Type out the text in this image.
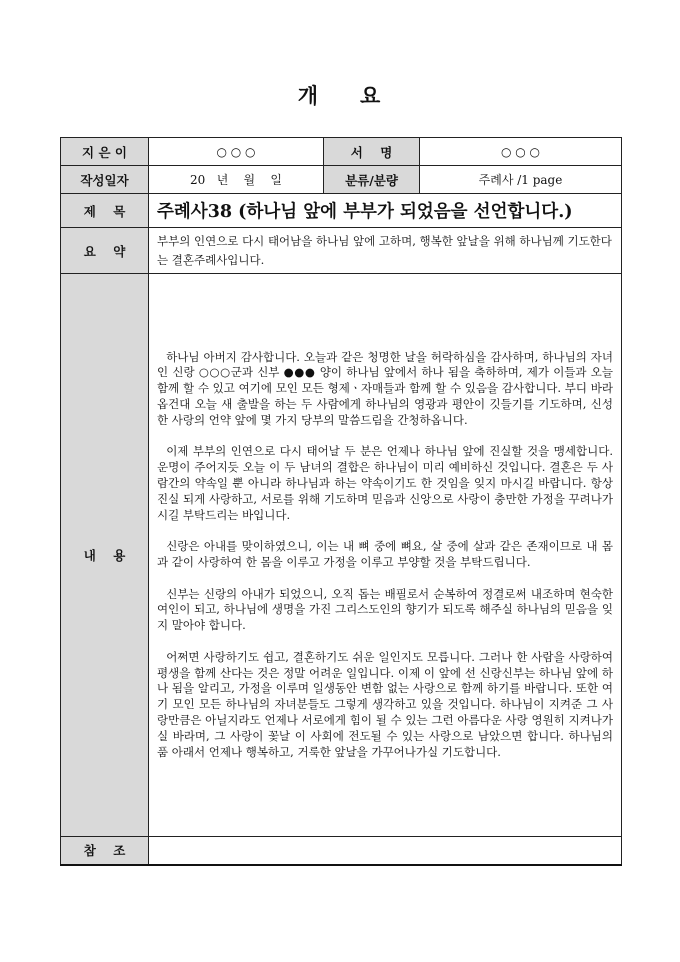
개 요
지 은 이	○ ○ ○	서    명	○ ○ ○
작성일자	20   년    월    일	분류/분량	주례사 /1 page
제    목	주례사38 (하나님 앞에 부부가 되었음을 선언합니다.)		
요    약	부부의 인연으로 다시 태어남을 하나님 앞에 고하며, 행복한 앞날을 위해 하나님께 기도한다는 결혼주례사입니다.		
내    용	하나님 아버지 감사합니다. 오늘과 같은 청명한 날을 허락하심을 감사하며, 하나님의 자녀인 신랑 ○○○군과 신부 ●●● 양이 하나님 앞에서 하나 됨을 축하하며, 제가 이들과 오늘 함께 할 수 있고 여기에 모인 모든 형제ㆍ자매들과 함께 할 수 있음을 감사합니다. 부디 바라옵건대 오늘 새 출발을 하는 두 사람에게 하나님의 영광과 평안이 깃들기를 기도하며, 신성한 사랑의 언약 앞에 몇 가지 당부의 말씀드림을 간청하옵니다.

이제 부부의 인연으로 다시 태어날 두 분은 언제나 하나님 앞에 진실할 것을 맹세합니다. 운명이 주어지듯 오늘 이 두 남녀의 결합은 하나님이 미리 예비하신 것입니다. 결혼은 두 사람간의 약속일 뿐 아니라 하나님과 하는 약속이기도 한 것임을 잊지 마시길 바랍니다. 항상 진실 되게 사랑하고, 서로를 위해 기도하며 믿음과 신앙으로 사랑이 충만한 가정을 꾸려나가시길 부탁드리는 바입니다.

신랑은 아내를 맞이하였으니, 이는 내 뼈 중에 뼈요, 살 중에 살과 같은 존재이므로 내 몸과 같이 사랑하여 한 몸을 이루고 가정을 이루고 부양할 것을 부탁드립니다.

신부는 신랑의 아내가 되었으니, 오직 돕는 배필로서 순복하여 정결로써 내조하며 현숙한 여인이 되고, 하나님에 생명을 가진 그리스도인의 향기가 되도록 해주실 하나님의 믿음을 잊지 말아야 합니다.

어쩌면 사랑하기도 쉽고, 결혼하기도 쉬운 일인지도 모릅니다. 그러나 한 사람을 사랑하여 평생을 함께 산다는 것은 정말 어려운 일입니다. 이제 이 앞에 선 신랑신부는 하나님 앞에 하나 됨을 알리고, 가정을 이루며 일생동안 변함 없는 사랑으로 함께 하기를 바랍니다. 또한 여기 모인 모든 하나님의 자녀분들도 그렇게 생각하고 있을 것입니다. 하나님이 지켜준 그 사랑만큼은 아닐지라도 언제나 서로에게 힘이 될 수 있는 그런 아름다운 사랑 영원히 지켜나가실 바라며, 그 사랑이 꽃날 이 사회에 전도될 수 있는 사랑으로 남았으면 합니다. 하나님의 품 아래서 언제나 행복하고, 거룩한 앞날을 가꾸어나가실 기도합니다.		

참    조			
